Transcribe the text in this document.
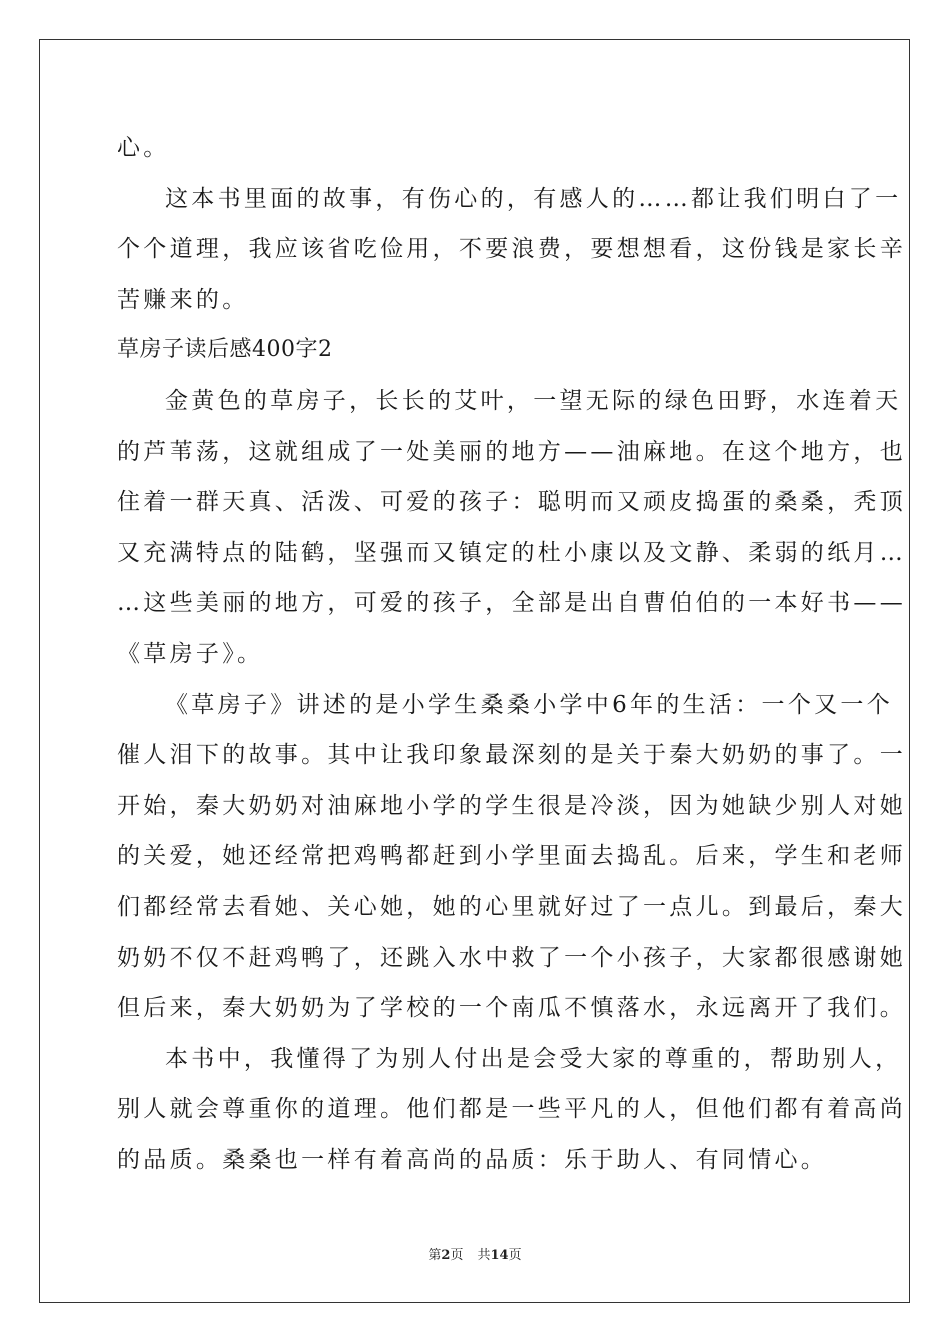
心。
这本书里面的故事，有伤心的，有感人的……都让我们明白了一
个个道理，我应该省吃俭用，不要浪费，要想想看，这份钱是家长辛
苦赚来的。
草房子读后感400字2
金黄色的草房子，长长的艾叶，一望无际的绿色田野，水连着天
的芦苇荡，这就组成了一处美丽的地方——油麻地。在这个地方，也
住着一群天真、活泼、可爱的孩子：聪明而又顽皮捣蛋的桑桑，秃顶
又充满特点的陆鹤，坚强而又镇定的杜小康以及文静、柔弱的纸月…
…这些美丽的地方，可爱的孩子，全部是出自曹伯伯的一本好书——
《草房子》。
《草房子》讲述的是小学生桑桑小学中6年的生活：一个又一个
催人泪下的故事。其中让我印象最深刻的是关于秦大奶奶的事了。一
开始，秦大奶奶对油麻地小学的学生很是冷淡，因为她缺少别人对她
的关爱，她还经常把鸡鸭都赶到小学里面去捣乱。后来，学生和老师
们都经常去看她、关心她，她的心里就好过了一点儿。到最后，秦大
奶奶不仅不赶鸡鸭了，还跳入水中救了一个小孩子，大家都很感谢她
但后来，秦大奶奶为了学校的一个南瓜不慎落水，永远离开了我们。
本书中，我懂得了为别人付出是会受大家的尊重的，帮助别人，
别人就会尊重你的道理。他们都是一些平凡的人，但他们都有着高尚
的品质。桑桑也一样有着高尚的品质：乐于助人、有同情心。
第2页 共14页
